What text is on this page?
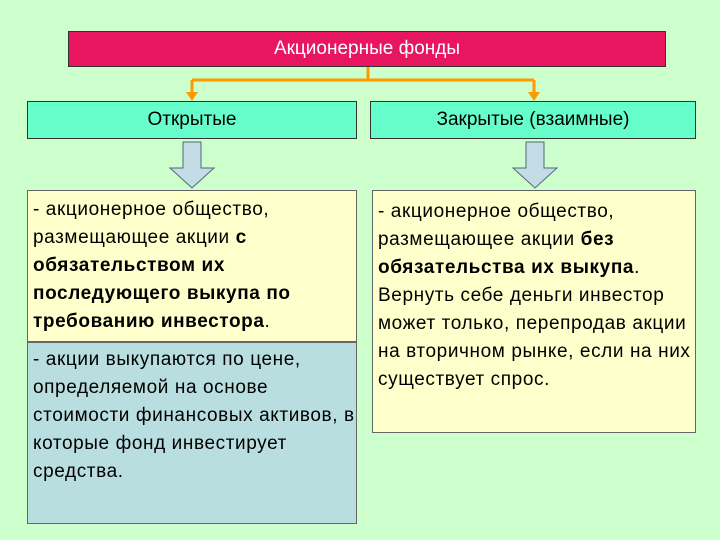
Акционерные фонды
Открытые	Закрытые (взаимные)

- акционерное общество, размещающее акции с обязательством их последующего выкупа по требованию инвестора.

- акции выкупаются по цене, определяемой на основе стоимости финансовых активов, в которые фонд инвестирует средства.

- акционерное общество, размещающее акции без обязательства их выкупа. Вернуть себе деньги инвестор может только, перепродав акции на вторичном рынке, если на них существует спрос.
